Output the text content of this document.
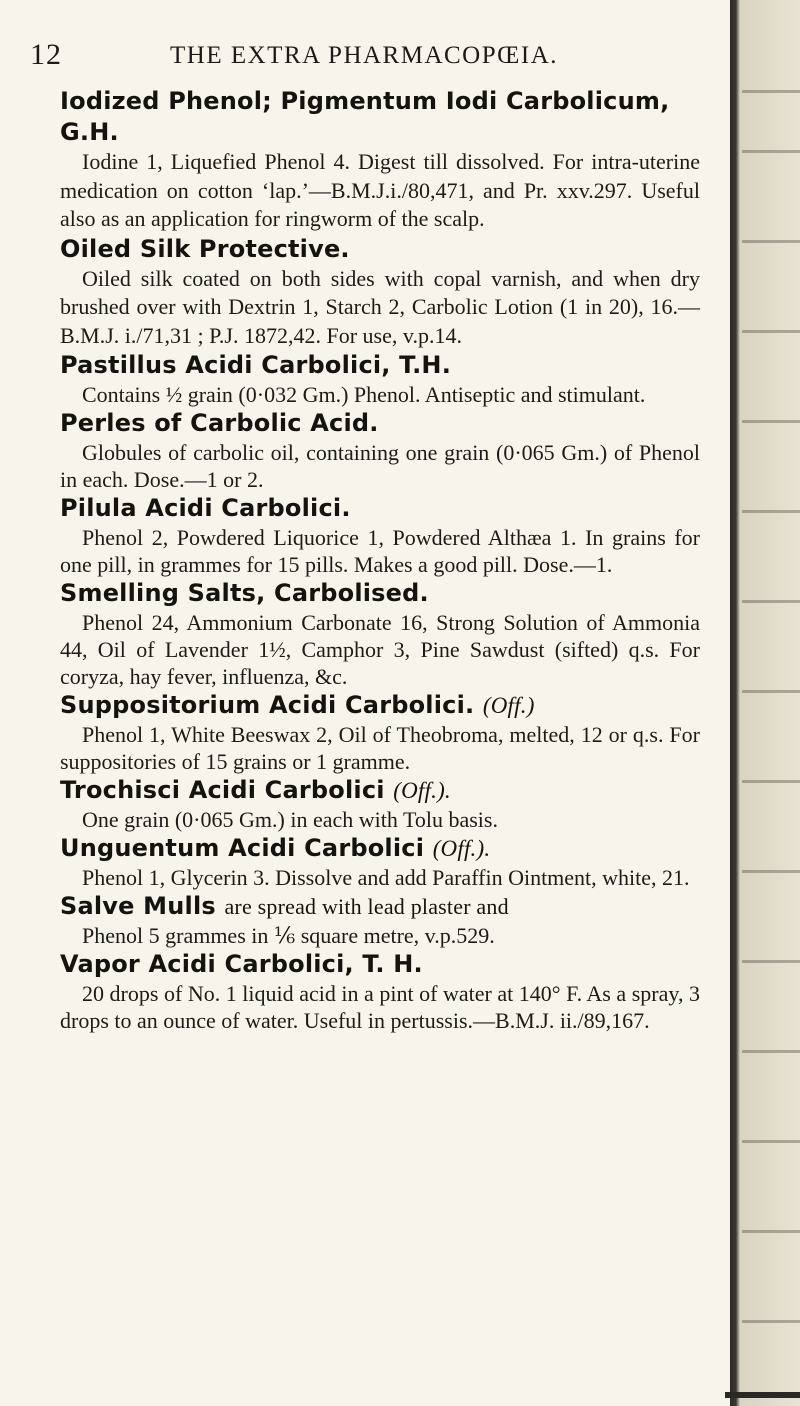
12	THE EXTRA PHARMACOPŒIA.

Iodized Phenol; Pigmentum Iodi Carbolicum, G.H.

Iodine 1, Liquefied Phenol 4. Digest till dissolved. For intra-uterine medication on cotton ‘lap.’—B.M.J.i./80,471, and Pr. xxv.297. Useful also as an application for ringworm of the scalp.

Oiled Silk Protective.

Oiled silk coated on both sides with copal varnish, and when dry brushed over with Dextrin 1, Starch 2, Carbolic Lotion (1 in 20), 16.—B.M.J. i./71,31 ; P.J. 1872,42. For use, v.p.14.

Pastillus Acidi Carbolici, T.H.

Contains ½ grain (0·032 Gm.) Phenol. Antiseptic and stimulant.

Perles of Carbolic Acid.

Globules of carbolic oil, containing one grain (0·065 Gm.) of Phenol in each. Dose.—1 or 2.

Pilula Acidi Carbolici.

Phenol 2, Powdered Liquorice 1, Powdered Althæa 1. In grains for one pill, in grammes for 15 pills. Makes a good pill. Dose.—1.

Smelling Salts, Carbolised.

Phenol 24, Ammonium Carbonate 16, Strong Solution of Ammonia 44, Oil of Lavender 1½, Camphor 3, Pine Sawdust (sifted) q.s. For coryza, hay fever, influenza, &c.

Suppositorium Acidi Carbolici. (Off.)

Phenol 1, White Beeswax 2, Oil of Theobroma, melted, 12 or q.s. For suppositories of 15 grains or 1 gramme.

Trochisci Acidi Carbolici (Off.).

One grain (0·065 Gm.) in each with Tolu basis.

Unguentum Acidi Carbolici (Off.).

Phenol 1, Glycerin 3. Dissolve and add Paraffin Ointment, white, 21.

Salve Mulls are spread with lead plaster and

Phenol 5 grammes in ⅙ square metre, v.p.529.

Vapor Acidi Carbolici, T. H.

20 drops of No. 1 liquid acid in a pint of water at 140° F. As a spray, 3 drops to an ounce of water. Useful in pertussis.—B.M.J. ii./89,167.
